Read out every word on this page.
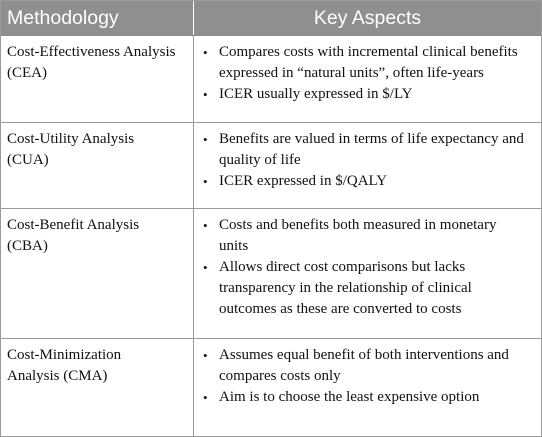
Methodology	Key Aspects
Cost-Effectiveness Analysis
(CEA)
• Compares costs with incremental clinical benefits
expressed in “natural units”, often life-years
• ICER usually expressed in $/LY
Cost-Utility Analysis
(CUA)
• Benefits are valued in terms of life expectancy and
quality of life
• ICER expressed in $/QALY
Cost-Benefit Analysis
(CBA)
• Costs and benefits both measured in monetary
units
• Allows direct cost comparisons but lacks
transparency in the relationship of clinical
outcomes as these are converted to costs
Cost-Minimization
Analysis (CMA)
• Assumes equal benefit of both interventions and
compares costs only
• Aim is to choose the least expensive option
